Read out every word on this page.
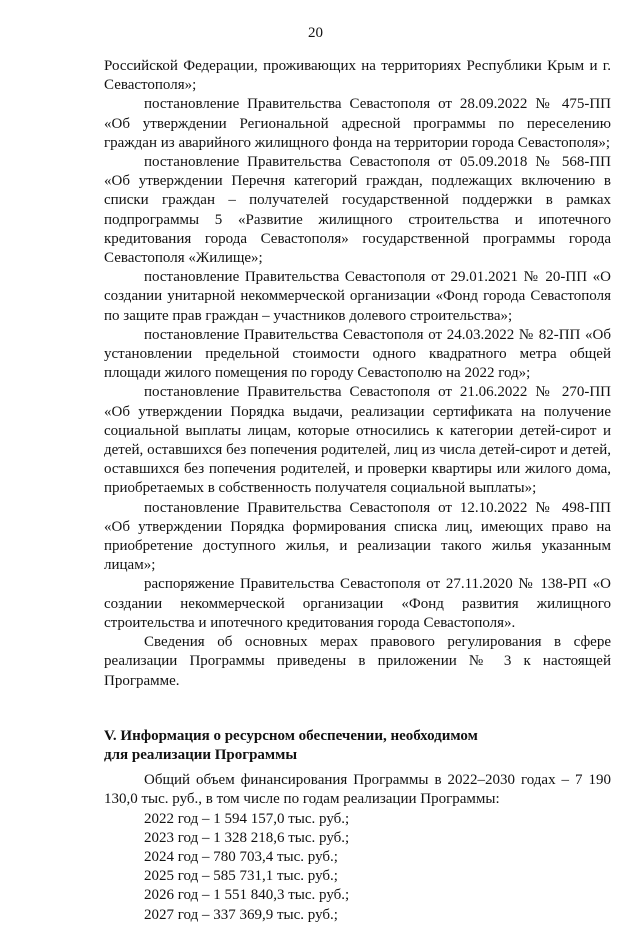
20

Российской Федерации, проживающих на территориях Республики Крым и г. Севастополя»;

постановление Правительства Севастополя от 28.09.2022 № 475-ПП «Об утверждении Региональной адресной программы по переселению граждан из аварийного жилищного фонда на территории города Севастополя»;

постановление Правительства Севастополя от 05.09.2018 № 568-ПП «Об утверждении Перечня категорий граждан, подлежащих включению в списки граждан – получателей государственной поддержки в рамках подпрограммы 5 «Развитие жилищного строительства и ипотечного кредитования города Севастополя» государственной программы города Севастополя «Жилище»;

постановление Правительства Севастополя от 29.01.2021 № 20-ПП «О создании унитарной некоммерческой организации «Фонд города Севастополя по защите прав граждан – участников долевого строительства»;

постановление Правительства Севастополя от 24.03.2022 № 82-ПП «Об установлении предельной стоимости одного квадратного метра общей площади жилого помещения по городу Севастополю на 2022 год»;

постановление Правительства Севастополя от 21.06.2022 № 270-ПП «Об утверждении Порядка выдачи, реализации сертификата на получение социальной выплаты лицам, которые относились к категории детей-сирот и детей, оставшихся без попечения родителей, лиц из числа детей-сирот и детей, оставшихся без попечения родителей, и проверки квартиры или жилого дома, приобретаемых в собственность получателя социальной выплаты»;

постановление Правительства Севастополя от 12.10.2022 № 498-ПП «Об утверждении Порядка формирования списка лиц, имеющих право на приобретение доступного жилья, и реализации такого жилья указанным лицам»;

распоряжение Правительства Севастополя от 27.11.2020 № 138-РП «О создании некоммерческой организации «Фонд развития жилищного строительства и ипотечного кредитования города Севастополя».

Сведения об основных мерах правового регулирования в сфере реализации Программы приведены в приложении № 3 к настоящей Программе.

V. Информация о ресурсном обеспечении, необходимом

для реализации Программы

Общий объем финансирования Программы в 2022–2030 годах – 7 190 130,0 тыс. руб., в том числе по годам реализации Программы:

2022 год – 1 594 157,0 тыс. руб.;
2023 год – 1 328 218,6 тыс. руб.;
2024 год – 780 703,4 тыс. руб.;
2025 год – 585 731,1 тыс. руб.;
2026 год – 1 551 840,3 тыс. руб.;
2027 год – 337 369,9 тыс. руб.;
